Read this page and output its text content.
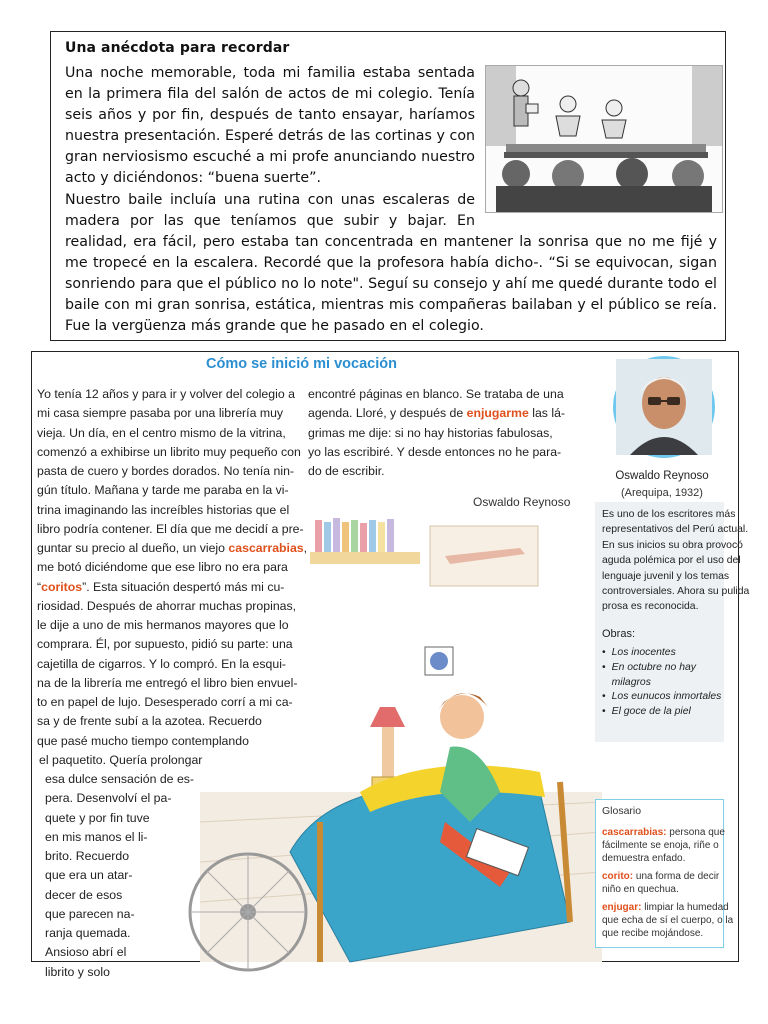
Una anécdota para recordar

Una noche memorable, toda mi familia estaba sentada en la primera fila del salón de actos de mi colegio. Tenía seis años y por fin, después de tanto ensayar, haríamos nuestra presentación. Esperé detrás de las cortinas y con gran nerviosismo escuché a mi profe anunciando nuestro acto y diciéndonos: “buena suerte”.

Nuestro baile incluía una rutina con unas escaleras de madera por las que teníamos que subir y bajar. En realidad, era fácil, pero estaba tan concentrada en mantener la sonrisa que no me fijé y me tropecé en la escalera. Recordé que la profesora había dicho-. “Si se equivocan, sigan sonriendo para que el público no lo note". Seguí su consejo y ahí me quedé durante todo el baile con mi gran sonrisa, estática, mientras mis compañeras bailaban y el público se reía. Fue la vergüenza más grande que he pasado en el colegio.

Cómo se inició mi vocación
Yo tenía 12 años y para ir y volver del colegio a
mi casa siempre pasaba por una librería muy
vieja. Un día, en el centro mismo de la vitrina,
comenzó a exhibirse un librito muy pequeño con
pasta de cuero y bordes dorados. No tenía nin-
gún título. Mañana y tarde me paraba en la vi-
trina imaginando las increíbles historias que el
libro podría contener. El día que me decidí a pre-
guntar su precio al dueño, un viejo cascarrabias,
me botó diciéndome que ese libro no era para
“coritos”. Esta situación despertó más mi cu-
riosidad. Después de ahorrar muchas propinas,
le dije a uno de mis hermanos mayores que lo
comprara. Él, por supuesto, pidió su parte: una
cajetilla de cigarros. Y lo compró. En la esqui-
na de la librería me entregó el libro bien envuel-
to en papel de lujo. Desesperado corrí a mi ca-
sa y de frente subí a la azotea. Recuerdo
que pasé mucho tiempo contemplando
el paquetito. Quería prolongar
esa dulce sensación de es-
pera. Desenvolví el pa-
quete y por fin tuve
en mis manos el li-
brito. Recuerdo
que era un atar-
decer de esos
que parecen na-
ranja quemada.
Ansioso abrí el
librito y solo
encontré páginas en blanco. Se trataba de una
agenda. Lloré, y después de enjugarme las lá-
grimas me dije: si no hay historias fabulosas,
yo las escribiré. Y desde entonces no he para-
do de escribir.
Oswaldo Reynoso
Oswaldo Reynoso
(Arequipa, 1932)
Es uno de los escritores más
representativos del Perú actual.
En sus inicios su obra provocó
aguda polémica por el uso del
lenguaje juvenil y los temas
controversiales. Ahora su pulida
prosa es reconocida.
Obras:
• Los inocentes
• En octubre no hay
milagros
• Los eunucos inmortales
• El goce de la piel
Glosario
cascarrabias: persona que
fácilmente se enoja, riñe o
demuestra enfado.
corito: una forma de decir
niño en quechua.
enjugar: limpiar la humedad
que echa de sí el cuerpo, o la
que recibe mojándose.
